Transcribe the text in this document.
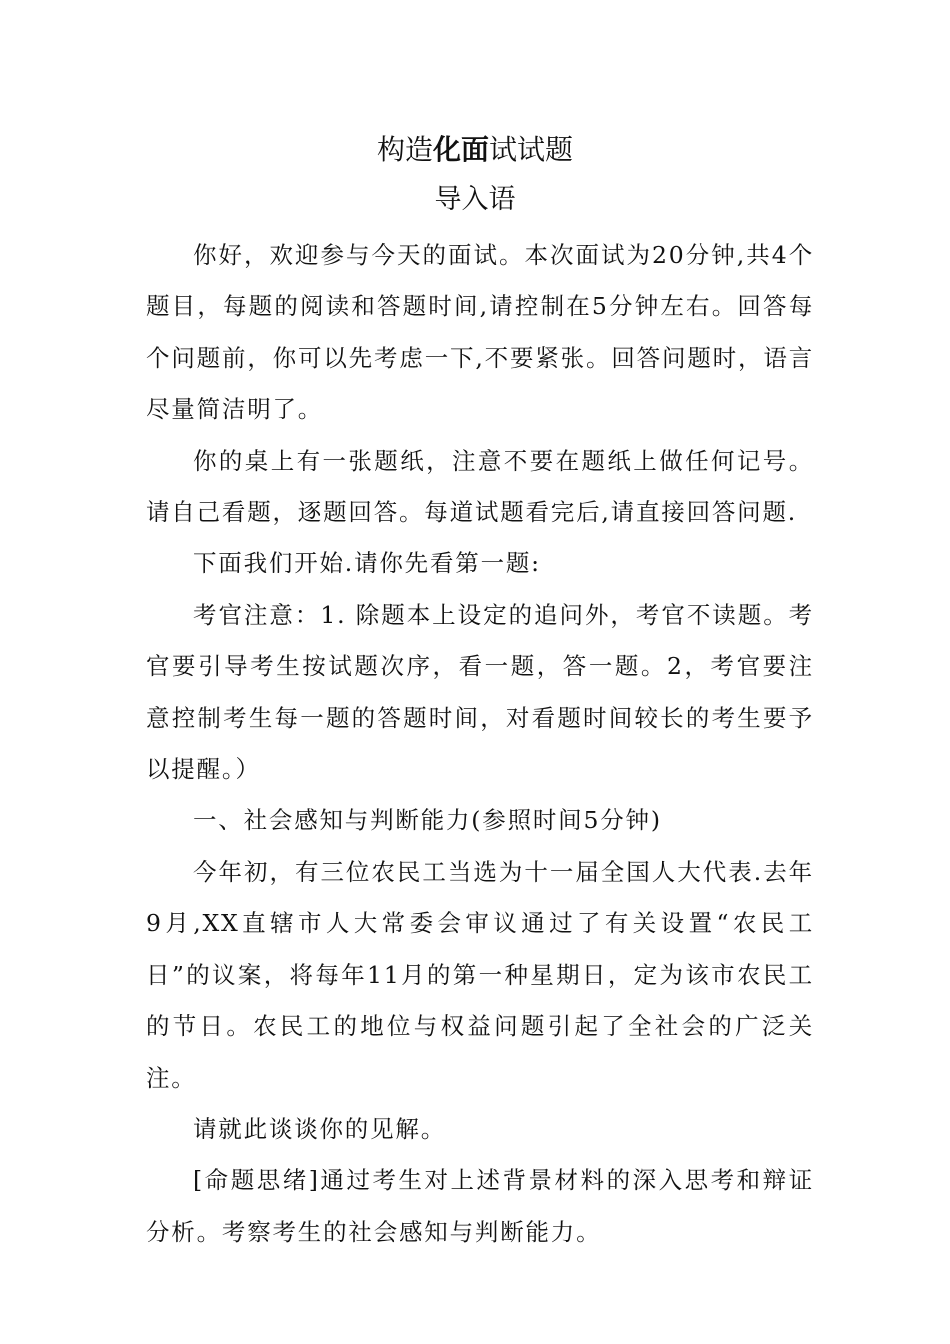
构造化面试试题
导入语

你好，欢迎参与今天的面试。本次面试为20分钟,共4个题目，每题的阅读和答题时间,请控制在5分钟左右。回答每个问题前，你可以先考虑一下,不要紧张。回答问题时，语言尽量简洁明了。

你的桌上有一张题纸，注意不要在题纸上做任何记号。请自己看题，逐题回答。每道试题看完后,请直接回答问题.

下面我们开始.请你先看第一题:

考官注意：1. 除题本上设定的追问外，考官不读题。考官要引导考生按试题次序，看一题，答一题。2，考官要注意控制考生每一题的答题时间，对看题时间较长的考生要予以提醒。）

一、社会感知与判断能力(参照时间5分钟)

今年初，有三位农民工当选为十一届全国人大代表.去年9月,XX直辖市人大常委会审议通过了有关设置“农民工日”的议案，将每年11月的第一种星期日，定为该市农民工的节日。农民工的地位与权益问题引起了全社会的广泛关注。

请就此谈谈你的见解。

[命题思绪]通过考生对上述背景材料的深入思考和辩证分析。考察考生的社会感知与判断能力。
